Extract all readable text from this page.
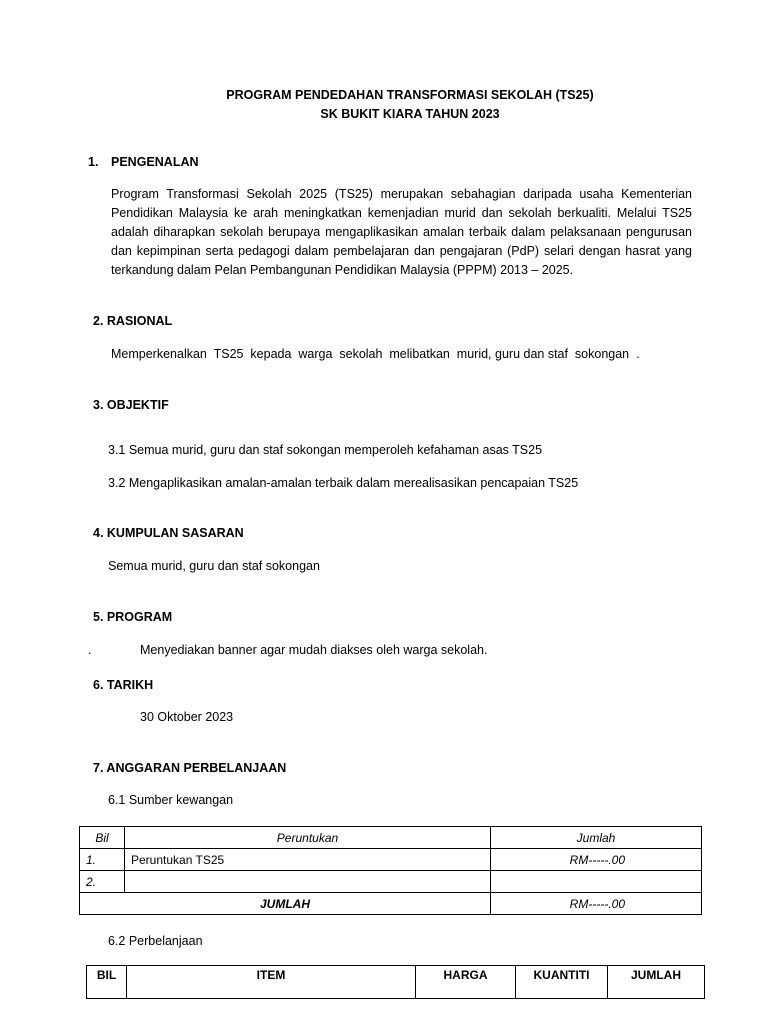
PROGRAM PENDEDAHAN TRANSFORMASI SEKOLAH (TS25)
SK BUKIT KIARA TAHUN 2023
1. PENGENALAN
Program Transformasi Sekolah 2025 (TS25) merupakan sebahagian daripada usaha Kementerian Pendidikan Malaysia ke arah meningkatkan kemenjadian murid dan sekolah berkualiti. Melalui TS25 adalah diharapkan sekolah berupaya mengaplikasikan amalan terbaik dalam pelaksanaan pengurusan dan kepimpinan serta pedagogi dalam pembelajaran dan pengajaran (PdP) selari dengan hasrat yang terkandung dalam Pelan Pembangunan Pendidikan Malaysia (PPPM) 2013 – 2025.
2. RASIONAL
Memperkenalkan  TS25  kepada  warga  sekolah  melibatkan  murid, guru dan staf  sokongan  .
3. OBJEKTIF
3.1 Semua murid, guru dan staf sokongan memperoleh kefahaman asas TS25
3.2 Mengaplikasikan amalan-amalan terbaik dalam merealisasikan pencapaian TS25
4. KUMPULAN SASARAN
Semua murid, guru dan staf sokongan
5. PROGRAM
.	Menyediakan banner agar mudah diakses oleh warga sekolah.
6. TARIKH
30 Oktober 2023
7. ANGGARAN PERBELANJAAN
6.1 Sumber kewangan
Bil	Peruntukan	Jumlah
1.	Peruntukan TS25	RM-----.00
2.		
JUMLAH		RM-----.00
6.2 Perbelanjaan
BIL	ITEM	HARGA	KUANTITI	JUMLAH
